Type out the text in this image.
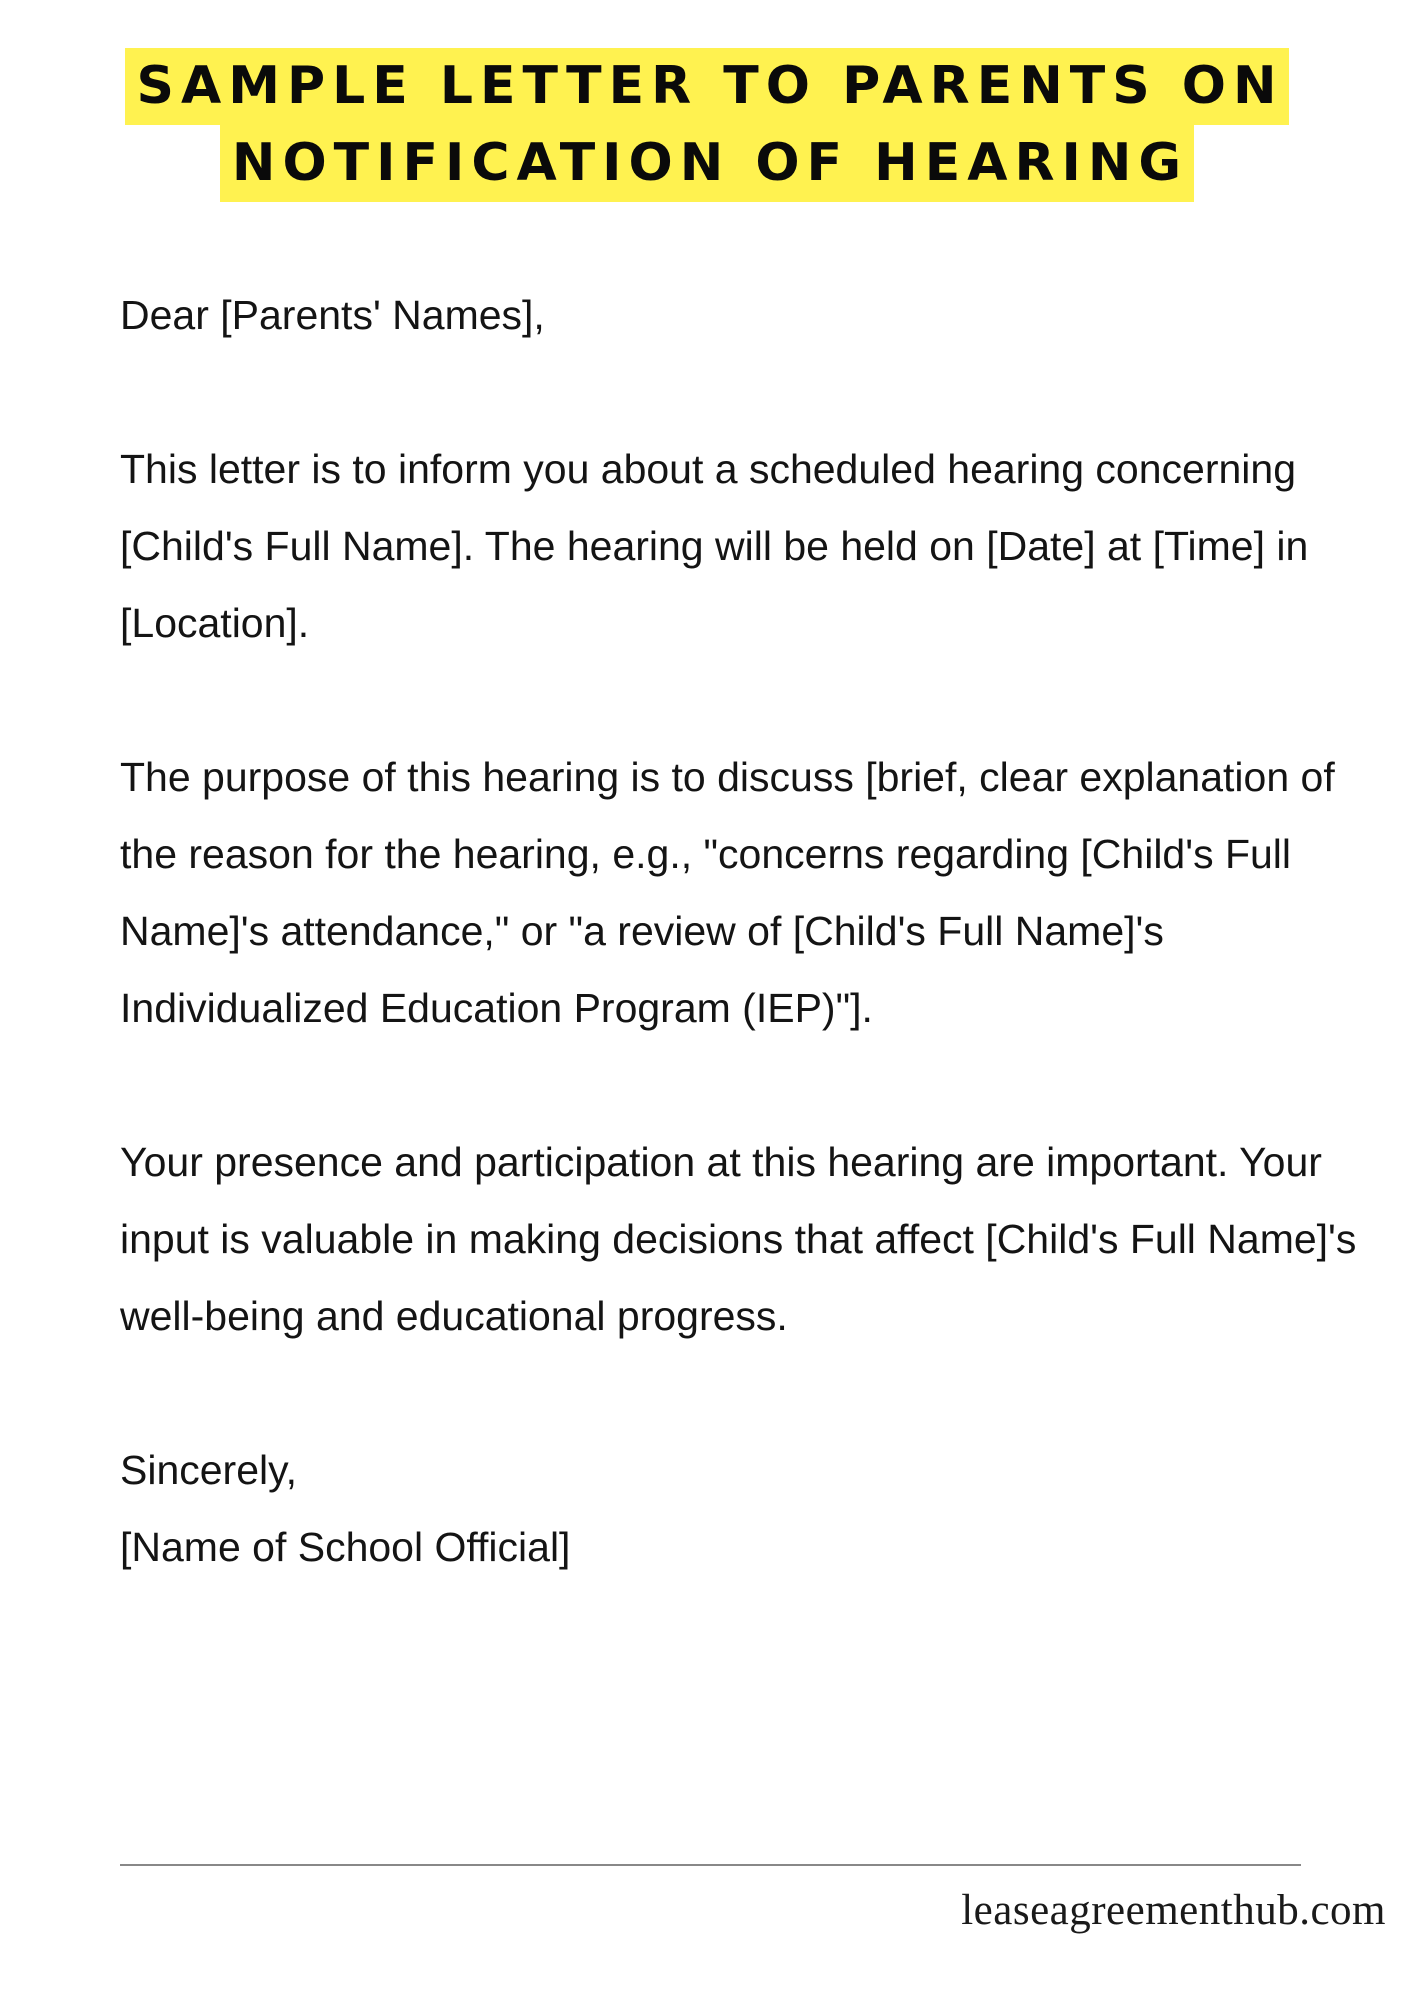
SAMPLE LETTER TO PARENTS ON
NOTIFICATION OF HEARING

Dear [Parents' Names],

This letter is to inform you about a scheduled hearing concerning [Child's Full Name]. The hearing will be held on [Date] at [Time] in [Location].

The purpose of this hearing is to discuss [brief, clear explanation of the reason for the hearing, e.g., "concerns regarding [Child's Full Name]'s attendance," or "a review of [Child's Full Name]'s Individualized Education Program (IEP)"].

Your presence and participation at this hearing are important. Your input is valuable in making decisions that affect [Child's Full Name]'s well-being and educational progress.

Sincerely,
[Name of School Official]

leaseagreementhub.com
